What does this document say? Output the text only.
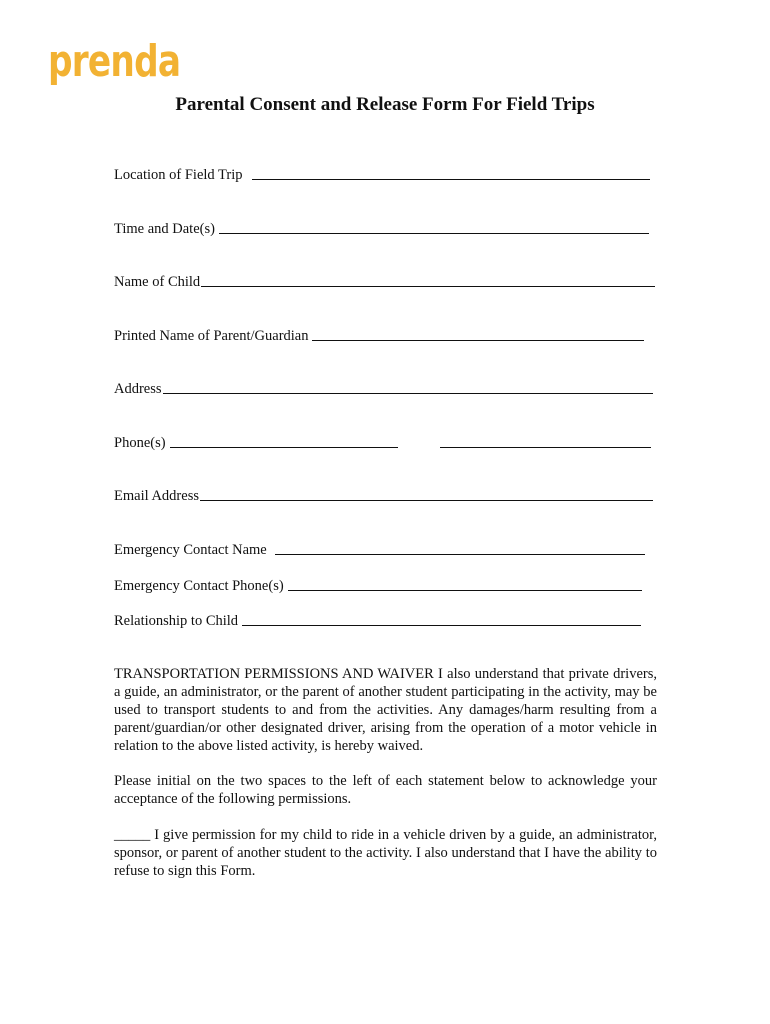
prenda
Parental Consent and Release Form For Field Trips
Location of Field Trip
Time and Date(s)
Name of Child
Printed Name of Parent/Guardian
Address
Phone(s)
Email Address
Emergency Contact Name
Emergency Contact Phone(s)
Relationship to Child
TRANSPORTATION PERMISSIONS AND WAIVER I also understand that private drivers, a guide, an administrator, or the parent of another student participating in the activity, may be used to transport students to and from the activities. Any damages/harm resulting from a parent/guardian/or other designated driver, arising from the operation of a motor vehicle in relation to the above listed activity, is hereby waived.
Please initial on the two spaces to the left of each statement below to acknowledge your acceptance of the following permissions.
_____ I give permission for my child to ride in a vehicle driven by a guide, an administrator, sponsor, or parent of another student to the activity. I also understand that I have the ability to refuse to sign this Form.
